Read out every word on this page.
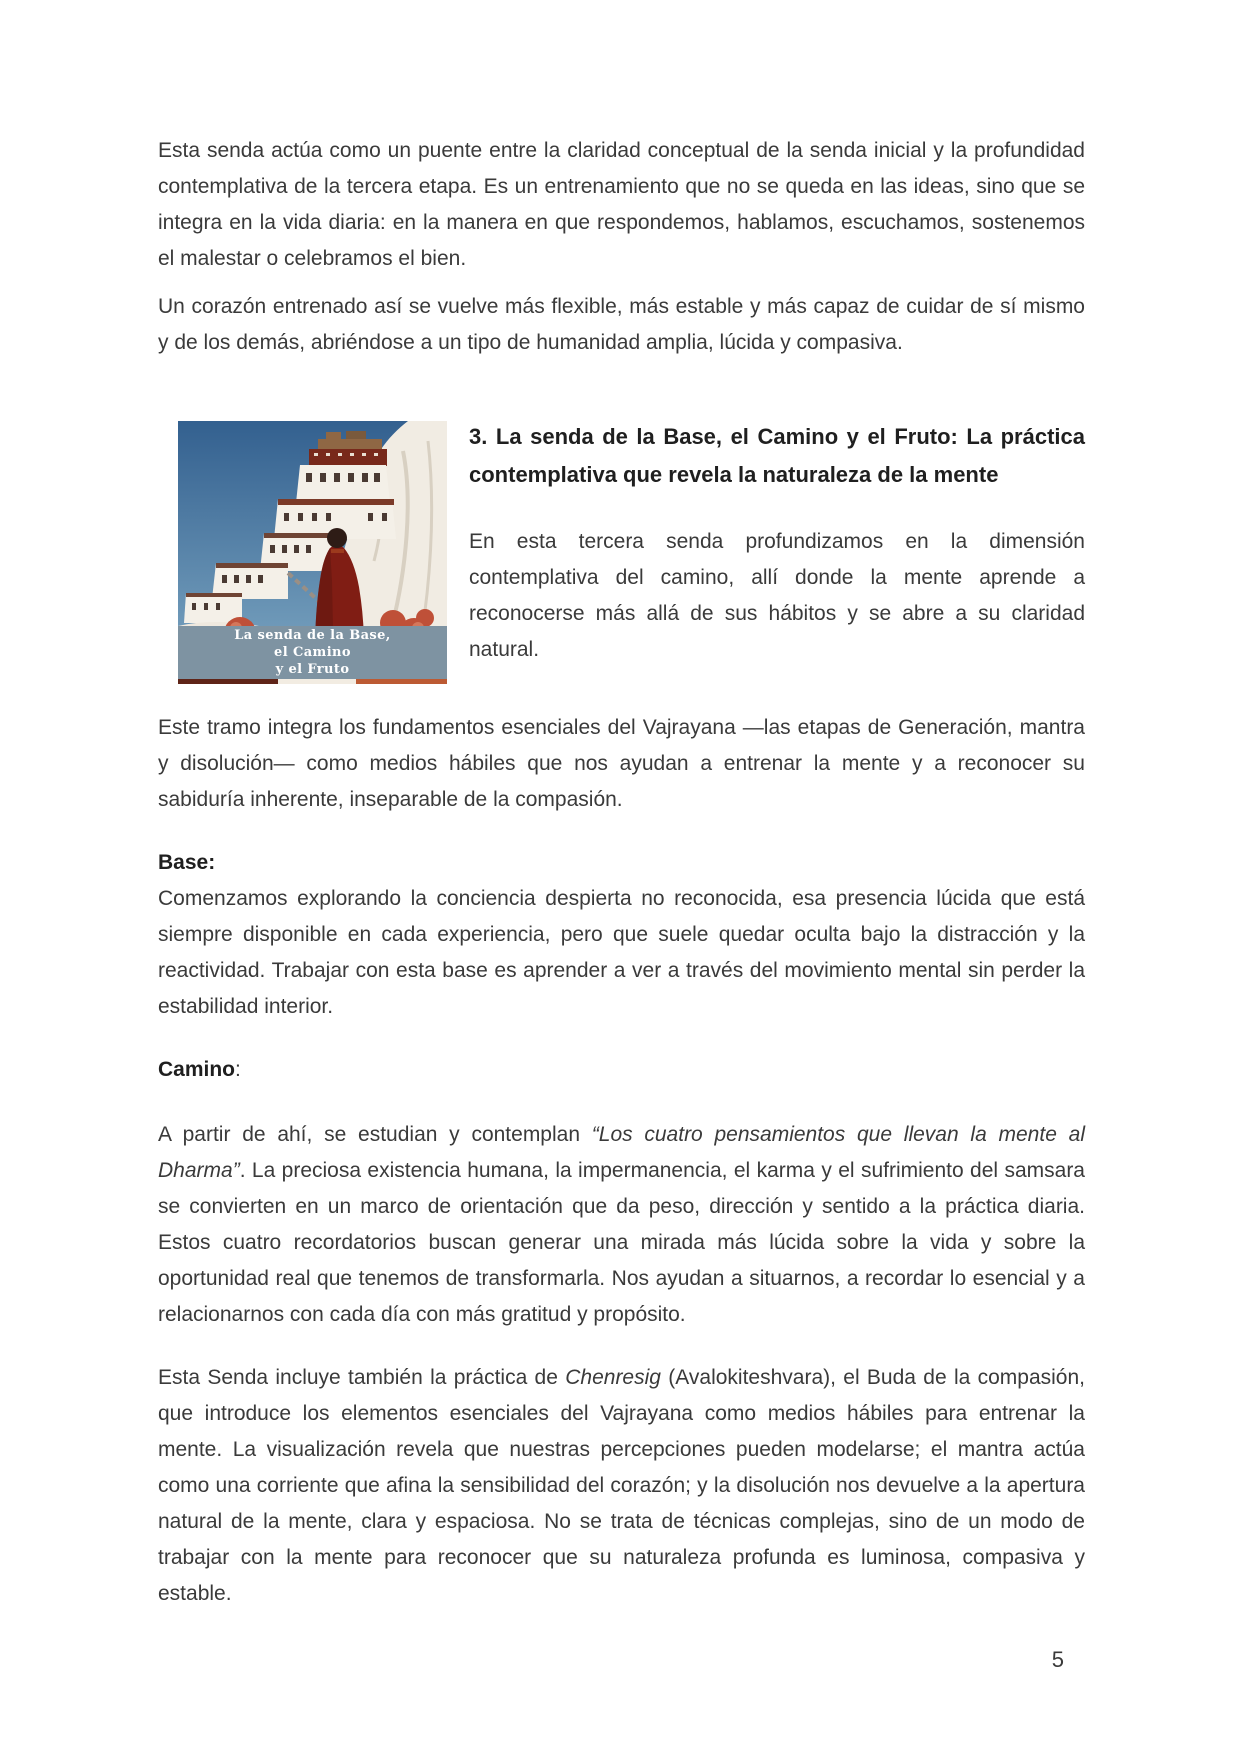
Esta senda actúa como un puente entre la claridad conceptual de la senda inicial y la profundidad contemplativa de la tercera etapa. Es un entrenamiento que no se queda en las ideas, sino que se integra en la vida diaria: en la manera en que respondemos, hablamos, escuchamos, sostenemos el malestar o celebramos el bien.

Un corazón entrenado así se vuelve más flexible, más estable y más capaz de cuidar de sí mismo y de los demás, abriéndose a un tipo de humanidad amplia, lúcida y compasiva.

La senda de la Base,
el Camino
y el Fruto
3. La senda de la Base, el Camino y el Fruto: La práctica contemplativa que revela la naturaleza de la mente

En esta tercera senda profundizamos en la dimensión contemplativa del camino, allí donde la mente aprende a reconocerse más allá de sus hábitos y se abre a su claridad natural.

Este tramo integra los fundamentos esenciales del Vajrayana —las etapas de Generación, mantra y disolución— como medios hábiles que nos ayudan a entrenar la mente y a reconocer su sabiduría inherente, inseparable de la compasión.

Base:

Comenzamos explorando la conciencia despierta no reconocida, esa presencia lúcida que está siempre disponible en cada experiencia, pero que suele quedar oculta bajo la distracción y la reactividad. Trabajar con esta base es aprender a ver a través del movimiento mental sin perder la estabilidad interior.

Camino:

A partir de ahí, se estudian y contemplan “Los cuatro pensamientos que llevan la mente al Dharma”. La preciosa existencia humana, la impermanencia, el karma y el sufrimiento del samsara se convierten en un marco de orientación que da peso, dirección y sentido a la práctica diaria. Estos cuatro recordatorios buscan generar una mirada más lúcida sobre la vida y sobre la oportunidad real que tenemos de transformarla. Nos ayudan a situarnos, a recordar lo esencial y a relacionarnos con cada día con más gratitud y propósito.

Esta Senda incluye también la práctica de Chenresig (Avalokiteshvara), el Buda de la compasión, que introduce los elementos esenciales del Vajrayana como medios hábiles para entrenar la mente. La visualización revela que nuestras percepciones pueden modelarse; el mantra actúa como una corriente que afina la sensibilidad del corazón; y la disolución nos devuelve a la apertura natural de la mente, clara y espaciosa. No se trata de técnicas complejas, sino de un modo de trabajar con la mente para reconocer que su naturaleza profunda es luminosa, compasiva y estable.

5
